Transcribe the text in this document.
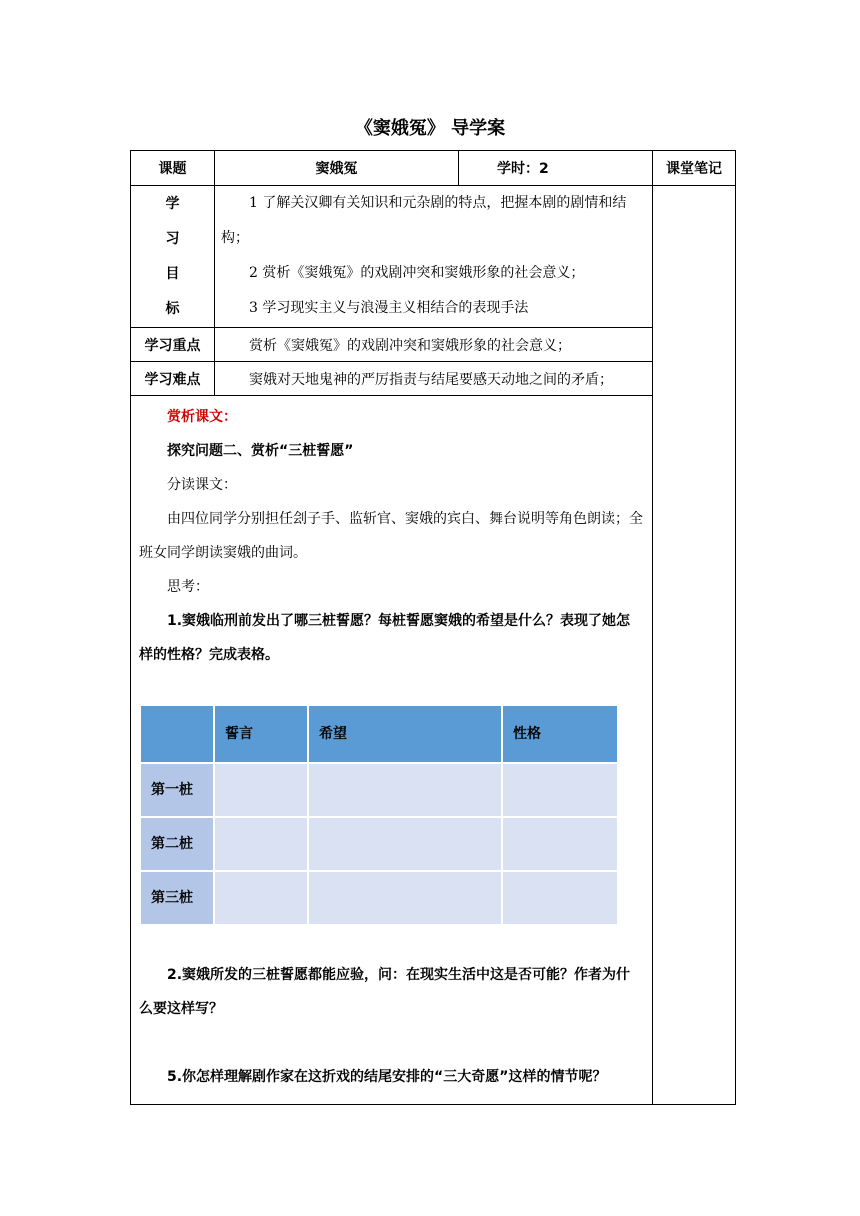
《窦娥冤》 导学案
课题	窦娥冤	学时：2	课堂笔记

学
习
目
标

1 了解关汉卿有关知识和元杂剧的特点，把握本剧的剧情和结构；

2 赏析《窦娥冤》的戏剧冲突和窦娥形象的社会意义；

3 学习现实主义与浪漫主义相结合的表现手法

学习重点	赏析《窦娥冤》的戏剧冲突和窦娥形象的社会意义；
学习难点	窦娥对天地鬼神的严厉指责与结尾要感天动地之间的矛盾；

赏析课文：

探究问题二、赏析“三桩誓愿”

分读课文：

由四位同学分别担任刽子手、监斩官、窦娥的宾白、舞台说明等角色朗读；全班女同学朗读窦娥的曲词。

思考：

1.窦娥临刑前发出了哪三桩誓愿？每桩誓愿窦娥的希望是什么？表现了她怎样的性格？完成表格。

	誓言	希望	性格
第一桩			
第二桩			
第三桩			

2.窦娥所发的三桩誓愿都能应验，问：在现实生活中这是否可能？作者为什么要这样写？

5.你怎样理解剧作家在这折戏的结尾安排的“三大奇愿”这样的情节呢？
